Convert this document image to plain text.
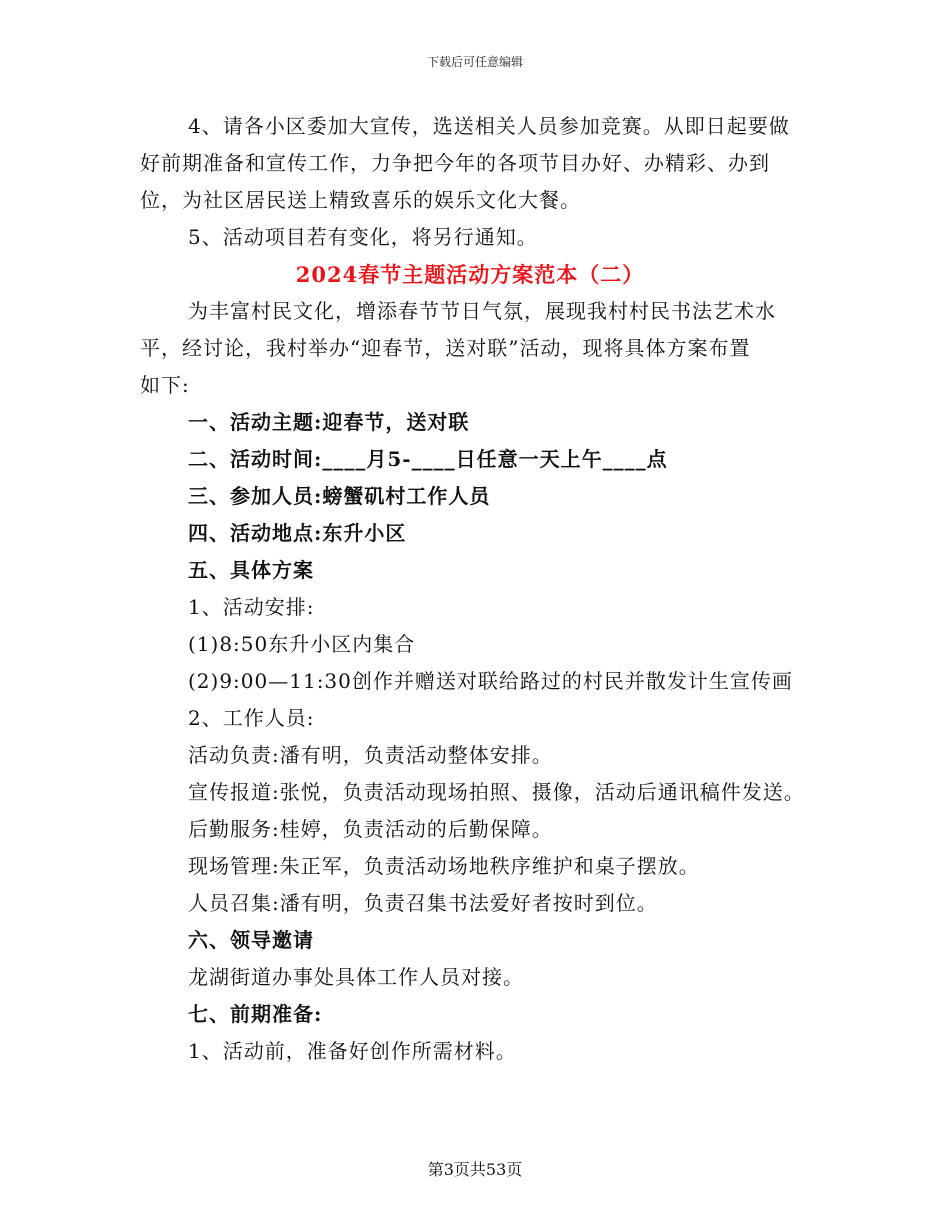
下载后可任意编辑
4、请各小区委加大宣传，选送相关人员参加竞赛。从即日起要做
好前期准备和宣传工作，力争把今年的各项节目办好、办精彩、办到
位，为社区居民送上精致喜乐的娱乐文化大餐。
5、活动项目若有变化，将另行通知。
2024春节主题活动方案范本（二）
为丰富村民文化，增添春节节日气氛，展现我村村民书法艺术水
平，经讨论，我村举办“迎春节，送对联”活动，现将具体方案布置
如下:
一、活动主题:迎春节，送对联
二、活动时间:____月5-____日任意一天上午____点
三、参加人员:螃蟹矶村工作人员
四、活动地点:东升小区
五、具体方案
1、活动安排:
(1)8:50东升小区内集合
(2)9:00—11:30创作并赠送对联给路过的村民并散发计生宣传画
2、工作人员:
活动负责:潘有明，负责活动整体安排。
宣传报道:张悦，负责活动现场拍照、摄像，活动后通讯稿件发送。
后勤服务:桂婷，负责活动的后勤保障。
现场管理:朱正军，负责活动场地秩序维护和桌子摆放。
人员召集:潘有明，负责召集书法爱好者按时到位。
六、领导邀请
龙湖街道办事处具体工作人员对接。
七、前期准备:
1、活动前，准备好创作所需材料。
第3页共53页
